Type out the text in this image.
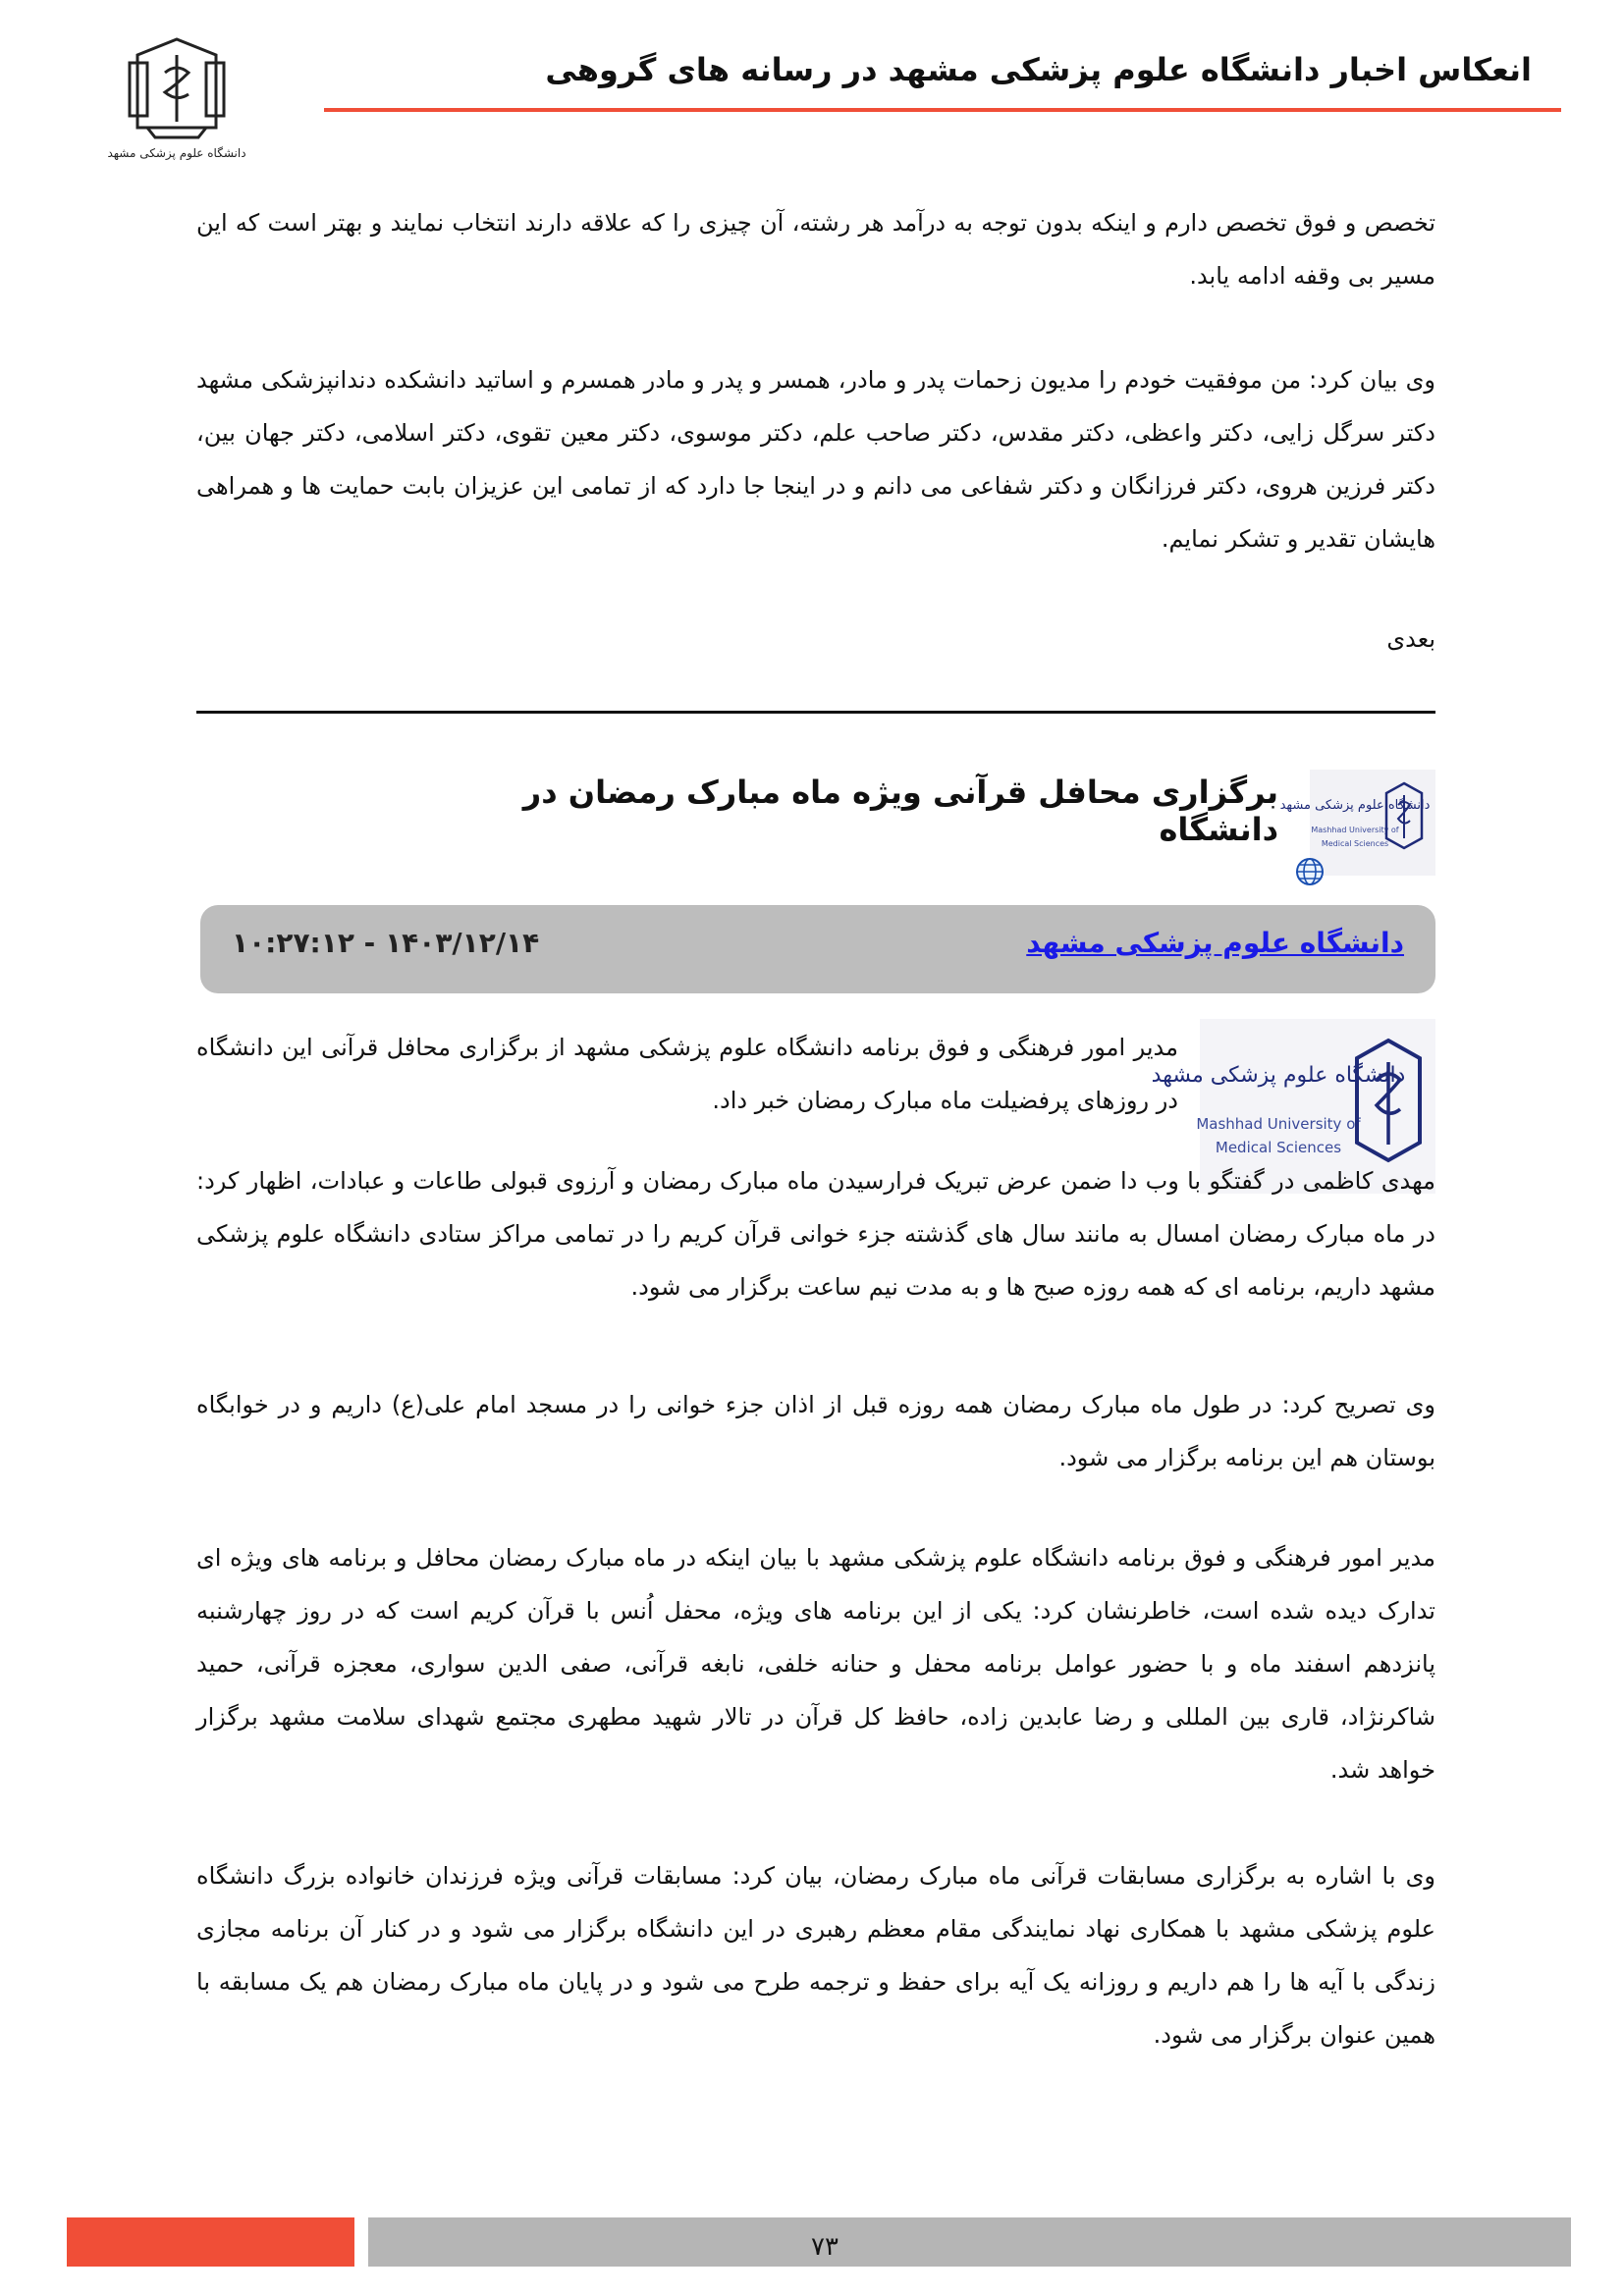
انعکاس اخبار دانشگاه علوم پزشکی مشهد در رسانه های گروهی
دانشگاه علوم پزشکی مشهد
تخصص و فوق تخصص دارم و اینکه بدون توجه به درآمد هر رشته، آن چیزی را که علاقه دارند انتخاب نمایند و بهتر است که این مسیر بی وقفه ادامه یابد.
وی بیان کرد: من موفقیت خودم را مدیون زحمات پدر و مادر، همسر و پدر و مادر همسرم و اساتید دانشکده دندانپزشکی مشهد دکتر سرگل زایی، دکتر واعظی، دکتر مقدس، دکتر صاحب علم، دکتر موسوی، دکتر معین تقوی، دکتر اسلامی، دکتر جهان بین، دکتر فرزین هروی، دکتر فرزانگان و دکتر شفاعی می دانم و در اینجا جا دارد که از تمامی این عزیزان بابت حمایت ها و همراهی هایشان تقدیر و تشکر نمایم.
بعدی
برگزاری محافل قرآنی ویژه ماه مبارک رمضان در دانشگاه
دانشگاه علوم پزشکی مشهد
Mashhad University of
Medical Sciences
دانشگاه علوم پزشکی مشهد
۱۴۰۳/۱۲/۱۴ - ۱۰:۲۷:۱۲
دانشگاه علوم پزشکی مشهد
Mashhad University of
Medical Sciences
مدیر امور فرهنگی و فوق برنامه دانشگاه علوم پزشکی مشهد از برگزاری محافل قرآنی این دانشگاه در روزهای پرفضیلت ماه مبارک رمضان خبر داد.
مهدی کاظمی در گفتگو با وب دا ضمن عرض تبریک فرارسیدن ماه مبارک رمضان و آرزوی قبولی طاعات و عبادات، اظهار کرد: در ماه مبارک رمضان امسال به مانند سال های گذشته جزء خوانی قرآن کریم را در تمامی مراکز ستادی دانشگاه علوم پزشکی مشهد داریم، برنامه ای که همه روزه صبح ها و به مدت نیم ساعت برگزار می شود.
وی تصریح کرد: در طول ماه مبارک رمضان همه روزه قبل از اذان جزء خوانی را در مسجد امام علی(ع) داریم و در خوابگاه بوستان هم این برنامه برگزار می شود.
مدیر امور فرهنگی و فوق برنامه دانشگاه علوم پزشکی مشهد با بیان اینکه در ماه مبارک رمضان محافل و برنامه های ویژه ای تدارک دیده شده است، خاطرنشان کرد: یکی از این برنامه های ویژه، محفل اُنس با قرآن کریم است که در روز چهارشنبه پانزدهم اسفند ماه و با حضور عوامل برنامه محفل و حنانه خلفی، نابغه قرآنی، صفی الدین سواری، معجزه قرآنی، حمید شاکرنژاد، قاری بین المللی و رضا عابدین زاده، حافظ کل قرآن در تالار شهید مطهری مجتمع شهدای سلامت مشهد برگزار خواهد شد.
وی با اشاره به برگزاری مسابقات قرآنی ماه مبارک رمضان، بیان کرد: مسابقات قرآنی ویژه فرزندان خانواده بزرگ دانشگاه علوم پزشکی مشهد با همکاری نهاد نمایندگی مقام معظم رهبری در این دانشگاه برگزار می شود و در کنار آن برنامه مجازی زندگی با آیه ها را هم داریم و روزانه یک آیه برای حفظ و ترجمه طرح می شود و در پایان ماه مبارک رمضان هم یک مسابقه با همین عنوان برگزار می شود.
۷۳
